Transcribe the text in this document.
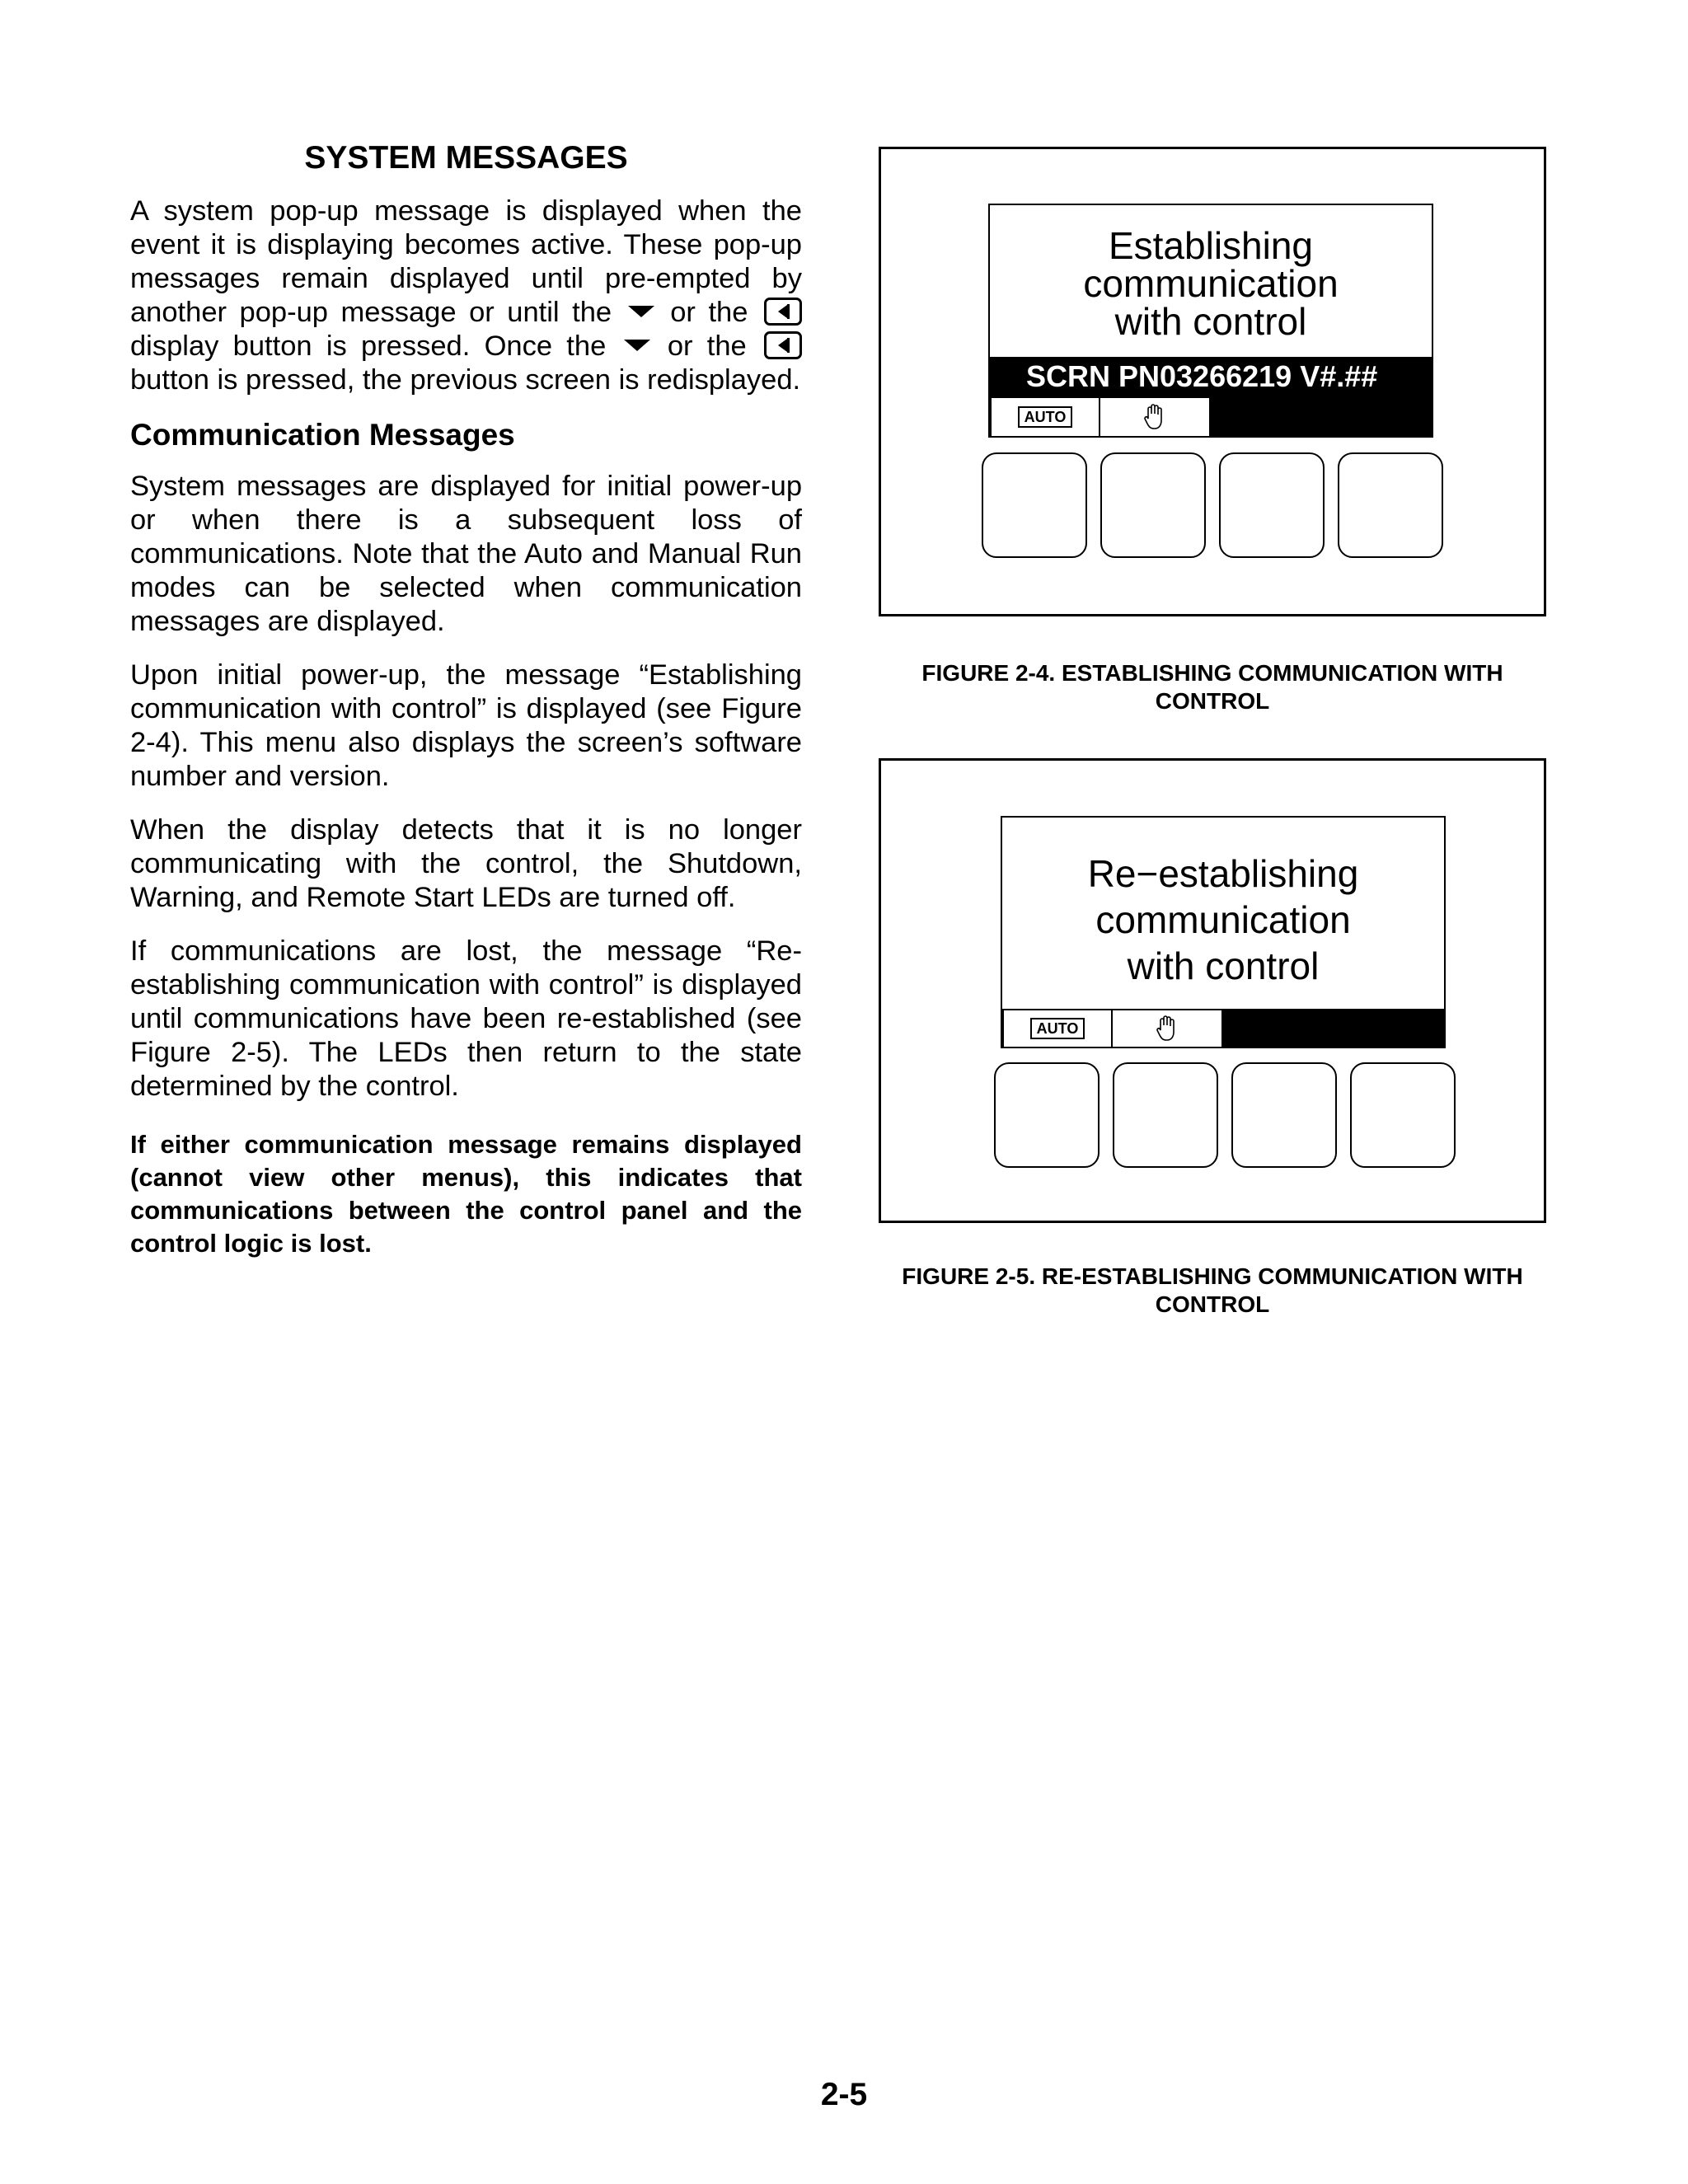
SYSTEM MESSAGES

A system pop-up message is displayed when the event it is displaying becomes active. These pop-up messages remain displayed until pre-empted by another pop-up message or until the or the  display button is pressed. Once the or the  button is pressed, the previous screen is redisplayed.

Communication Messages

System messages are displayed for initial power-up or when there is a subsequent loss of communications. Note that the Auto and Manual Run modes can be selected when communication messages are displayed.

Upon initial power-up, the message “Establishing communication with control” is displayed (see Figure 2-4). This menu also displays the screen’s software number and version.

When the display detects that it is no longer communicating with the control, the Shutdown, Warning, and Remote Start LEDs are turned off.

If communications are lost, the message “Re-establishing communication with control” is displayed until communications have been re-established (see Figure 2-5). The LEDs then return to the state determined by the control.

If either communication message remains displayed (cannot view other menus), this indicates that communications between the control panel and the control logic is lost.

Establishing
communication
with control
SCRN PN03266219 V#.##
AUTO
FIGURE 2-4. ESTABLISHING COMMUNICATION WITH
CONTROL
Re−establishing
communication
with control
AUTO
FIGURE 2-5. RE-ESTABLISHING COMMUNICATION WITH
CONTROL
2-5
